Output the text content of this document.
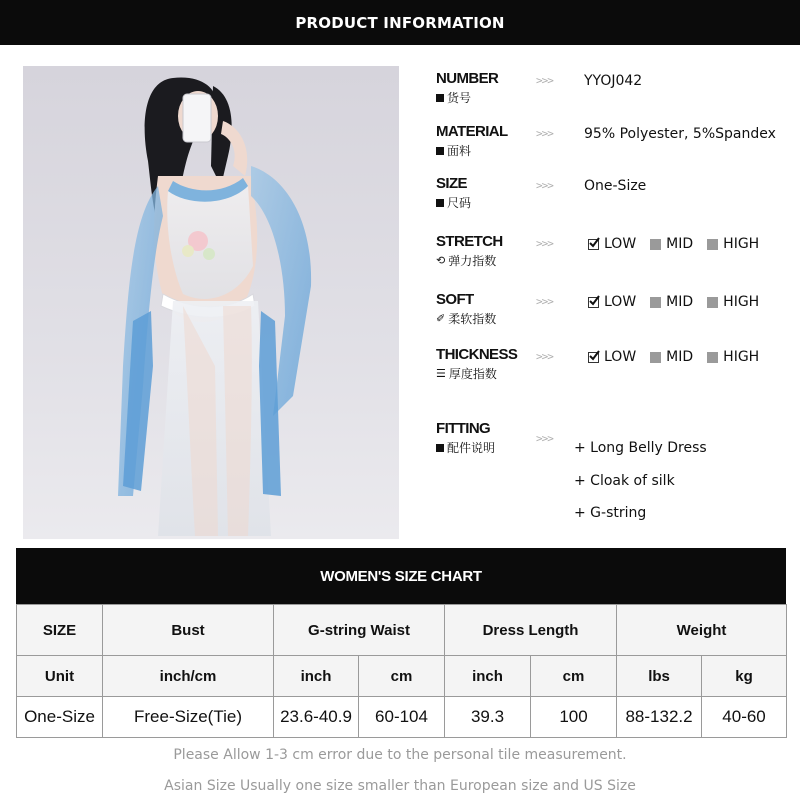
PRODUCT INFORMATION
NUMBER
货号
>>> YYOJ042
MATERIAL
面料
>>> 95% Polyester, 5%Spandex
SIZE
尺码
>>> One-Size
STRETCH
⟲ 弹力指数
>>>	LOW MID HIGH
SOFT
✐ 柔软指数
>>>	LOW MID HIGH
THICKNESS
☰ 厚度指数
>>>	LOW MID HIGH
FITTING
配件说明
>>>
+ Long Belly Dress
+ Cloak of silk
+ G-string
WOMEN'S SIZE CHART
SIZE	Bust	G-string Waist		Dress Length		Weight	
Unit	inch/cm	inch	cm	inch	cm	lbs	kg
One-Size	Free-Size(Tie)	23.6-40.9	60-104	39.3	100	88-132.2	40-60
Please Allow 1-3 cm error due to the personal tile measurement.
Asian Size Usually one size smaller than European size and US Size
